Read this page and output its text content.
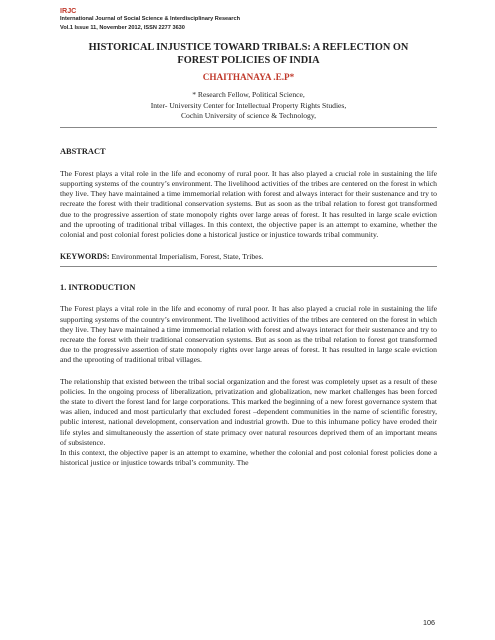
IRJC
International Journal of Social Science & Interdisciplinary Research
Vol.1 Issue 11, November 2012, ISSN 2277 3630
HISTORICAL INJUSTICE TOWARD TRIBALS: A REFLECTION ON
FOREST POLICIES OF INDIA
CHAITHANAYA .E.P*
* Research Fellow, Political Science,
Inter- University Center for Intellectual Property Rights Studies,
Cochin University of science & Technology,
ABSTRACT

The Forest plays a vital role in the life and economy of rural poor. It has also played a crucial role in sustaining the life supporting systems of the country’s environment. The livelihood activities of the tribes are centered on the forest in which they live. They have maintained a time immemorial relation with forest and always interact for their sustenance and try to recreate the forest with their traditional conservation systems. But as soon as the tribal relation to forest got transformed due to the progressive assertion of state monopoly rights over large areas of forest. It has resulted in large scale eviction and the uprooting of traditional tribal villages. In this context, the objective paper is an attempt to examine, whether the colonial and post colonial forest policies done a historical justice or injustice towards tribal community.

KEYWORDS: Environmental Imperialism, Forest, State, Tribes.
1. INTRODUCTION

The Forest plays a vital role in the life and economy of rural poor. It has also played a crucial role in sustaining the life supporting systems of the country’s environment. The livelihood activities of the tribes are centered on the forest in which they live. They have maintained a time immemorial relation with forest and always interact for their sustenance and try to recreate the forest with their traditional conservation systems. But as soon as the tribal relation to forest got transformed due to the progressive assertion of state monopoly rights over large areas of forest. It has resulted in large scale eviction and the uprooting of traditional tribal villages.

The relationship that existed between the tribal social organization and the forest was completely upset as a result of these policies. In the ongoing process of liberalization, privatization and globalization, new market challenges has been forced the state to divert the forest land for large corporations. This marked the beginning of a new forest governance system that was alien, induced and most particularly that excluded forest –dependent communities in the name of scientific forestry, public interest, national development, conservation and industrial growth. Due to this inhumane policy have eroded their life styles and simultaneously the assertion of state primacy over natural resources deprived them of an important means of subsistence.

In this context, the objective paper is an attempt to examine, whether the colonial and post colonial forest policies done a historical justice or injustice towards tribal’s community. The

106
